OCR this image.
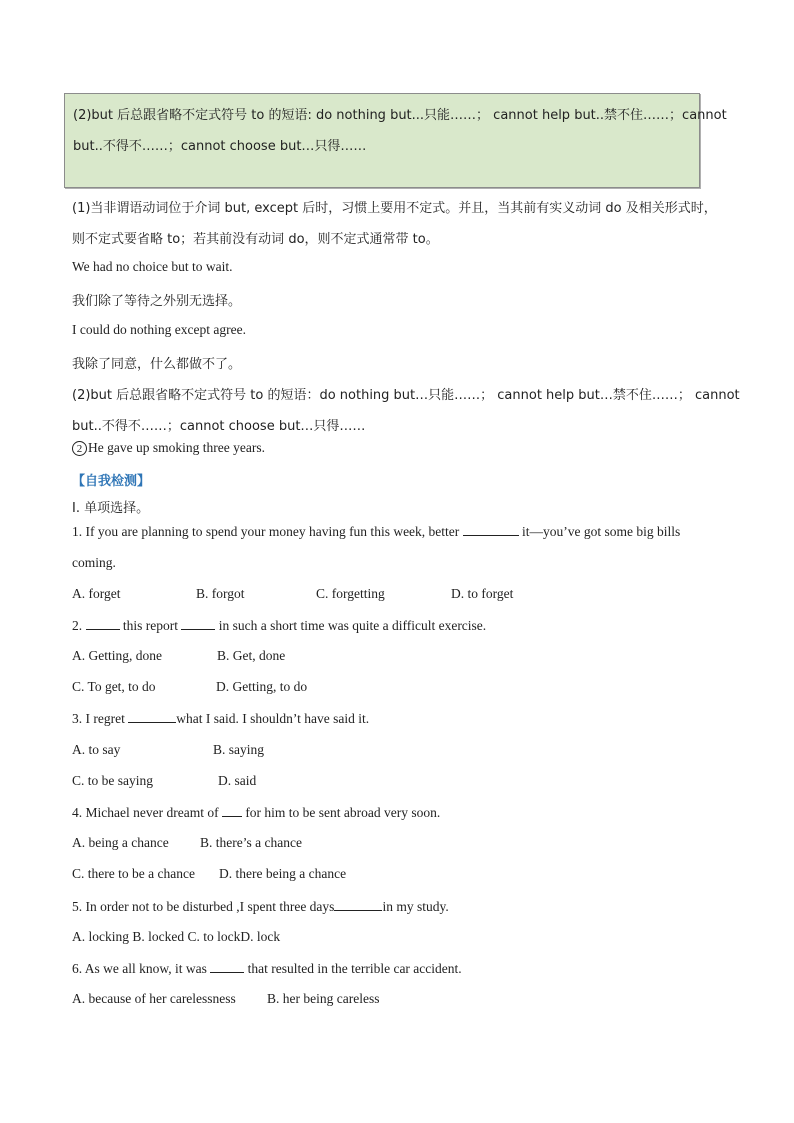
(2)but 后总跟省略不定式符号 to 的短语: do nothing but...只能……； cannot help but..禁不住……；cannot
but..不得不……；cannot choose but…只得……
(1)当非谓语动词位于介词 but, except 后时，习惯上要用不定式。并且，当其前有实义动词 do 及相关形式时，
则不定式要省略 to；若其前没有动词 do，则不定式通常带 to。
We had no choice but to wait.
我们除了等待之外别无选择。
I could do nothing except agree.
我除了同意，什么都做不了。
(2)but 后总跟省略不定式符号 to 的短语：do nothing but…只能……； cannot help but…禁不住……； cannot
but..不得不……；cannot choose but…只得……
2 He gave up smoking three years.
【自我检测】
I. 单项选择。
1. If you are planning to spend your money having fun this week, better	it—you’ve got some big bills
coming.
A. forget	B. forgot	C. forgetting	D. to forget
2.	this report	in such a short time was quite a difficult exercise.
A. Getting, done	B. Get, done
C. To get, to do	D. Getting, to do
3. I regret	what I said. I shouldn’t have said it.
A. to say	B. saying
C. to be saying	D. said
4. Michael never dreamt of  for him to be sent abroad very soon.
A. being a chance B. there’s a chance
C. there to be a chance D. there being a chance
5. In order not to be disturbed ,I spent three days	in my study.
A. locking B. locked C. to lockD. lock
6. As we all know, it was	that resulted in the terrible car accident.
A. because of her carelessness B. her being careless
